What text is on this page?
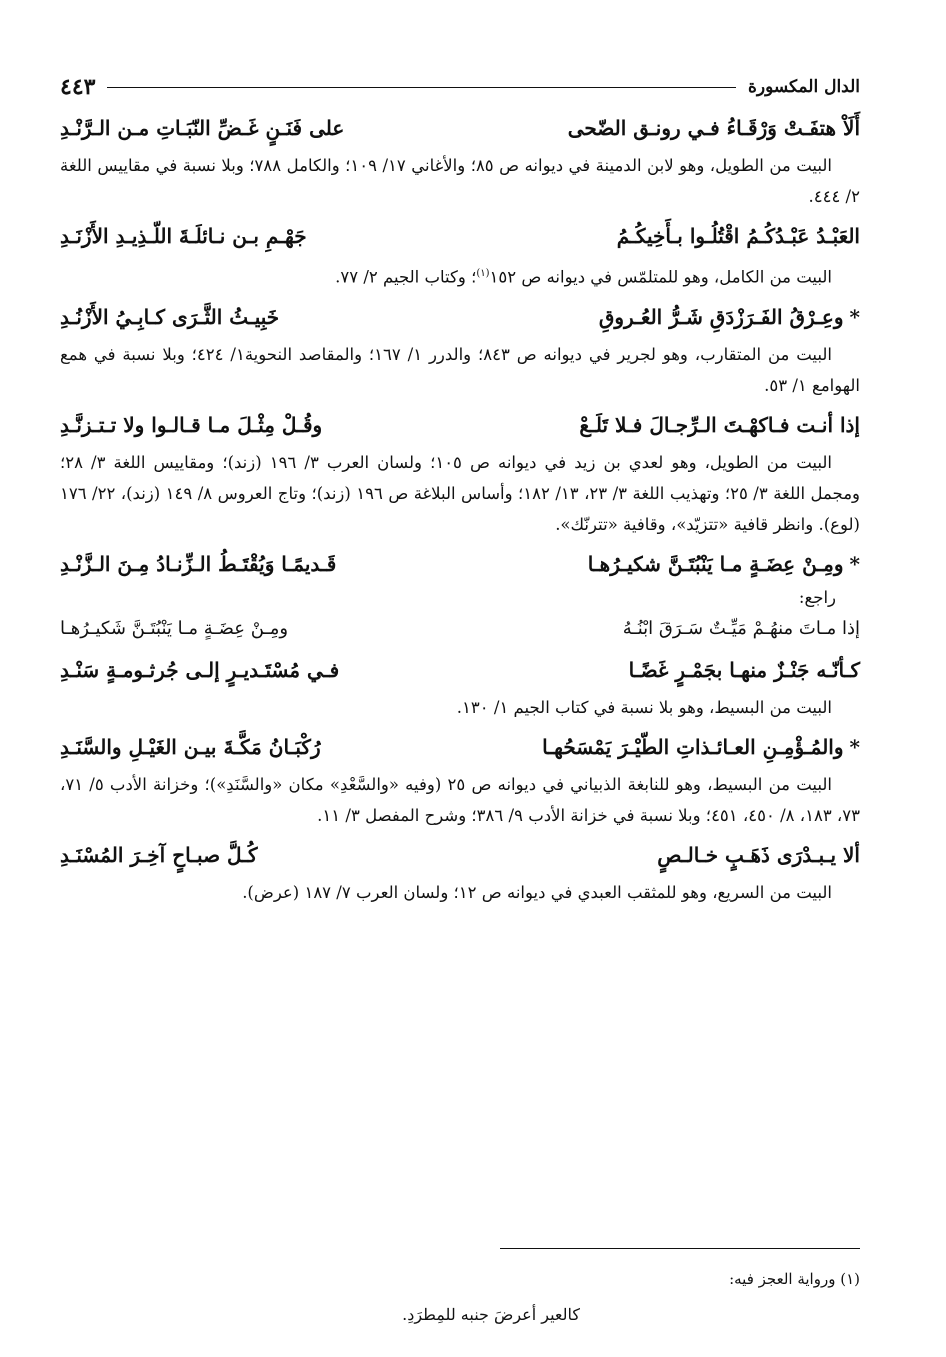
الدال المكسورة
٤٤٣
أَلَاْ هتفَـتْ وَرْقَـاءُ فـي رونـق الضّحى
على فَنَـنٍ غَـضِّ النّبَـاتِ مـن الـرَّنْـدِ
البيت من الطويل، وهو لابن الدمينة في ديوانه ص ٨٥؛ والأغاني ١٧/ ١٠٩؛ والكامل ٧٨٨؛ وبلا نسبة في مقاييس اللغة ٢/ ٤٤٤.
العَبْـدُ عَبْـدُكُـمُ اقْتُلُـوا بـأَخِيكُـمُ
جَهْـمِ بـن نـائلَـةَ اللّـذِيـدِ الأَزْنَـدِ
البيت من الكامل، وهو للمتلمّس في ديوانه ص ١٥٢$^{(١)}$؛ وكتاب الجيم ٢/ ٧٧.
*وعِـرْقُ الفَـرَزْدَقِ شَـرُّ العُـروقِ
خَبِيـثُ الثَّـرَى كـابِـيُ الأَزْنُـدِ
البيت من المتقارب، وهو لجرير في ديوانه ص ٨٤٣؛ والدرر ١/ ١٦٧؛ والمقاصد النحوية١/ ٤٢٤؛ وبلا نسبة في همع الهوامع ١/ ٥٣.
إذا أنـت فـاكهْـتَ الـرِّجـالَ فـلا تَلَـعْ
وقُـلْ مِثْـلَ مـا قـالـوا ولا تـتـزنَّـدِ
البيت من الطويل، وهو لعدي بن زيد في ديوانه ص ١٠٥؛ ولسان العرب ٣/ ١٩٦ (زند)؛ ومقاييس اللغة ٣/ ٢٨؛ ومجمل اللغة ٣/ ٢٥؛ وتهذيب اللغة ٣/ ٢٣، ١٣/ ١٨٢؛ وأساس البلاغة ص ١٩٦ (زند)؛ وتاج العروس ٨/ ١٤٩ (زند)، ٢٢/ ١٧٦ (لوع). وانظر قافية «تتزيّد»، وقافية «تترنّك».
*ومِـنْ عِضَـةٍ مـا يَنْبُتَـنَّ شكيـرُهـا
قَـديمًـا وَيُقْتَـطُ الـزِّنـادُ مِـنَ الـزَّنْـدِ
راجع:
إذا مـاتَ منهُـمْ مَيِّـتٌ سَـرَقَ ابْنُـهُ
ومِـنْ عِضَـةٍ مـا يَنْبُتَـنَّ شَكيـرُهـا
كـأنّـه جَنْـزٌ منهـا بجَمْـرٍ غَضًـا
فـي مُسْتَـديـرٍ إلـى جُرثـومـةٍ سَنْـدِ
البيت من البسيط، وهو بلا نسبة في كتاب الجيم ١/ ١٣٠.
*والمُـؤْمِـنِ العـائـذاتِ الطّيْـرَ يَمْسَحُهـا
رُكْبَـانُ مَكَّـةَ بيـن الغَيْـلِ والسَّنَـدِ
البيت من البسيط، وهو للنابغة الذبياني في ديوانه ص ٢٥ (وفيه «والسَّعْدِ» مكان «والسَّنَدِ»)؛ وخزانة الأدب ٥/ ٧١، ٧٣، ١٨٣، ٨/ ٤٥٠، ٤٥١؛ وبلا نسبة في خزانة الأدب ٩/ ٣٨٦؛ وشرح المفصل ٣/ ١١.
ألا يـبـدْرَى ذَهَـبٍ خـالـصٍ
كُـلَّ صبـاحٍ آخِـرَ المُسْنَـدِ
البيت من السريع، وهو للمثقب العبدي في ديوانه ص ١٢؛ ولسان العرب ٧/ ١٨٧ (عرض).
(١) ورواية العجز فيه:
كالعير أعرضَ جنبه للمِطرَدِ.
